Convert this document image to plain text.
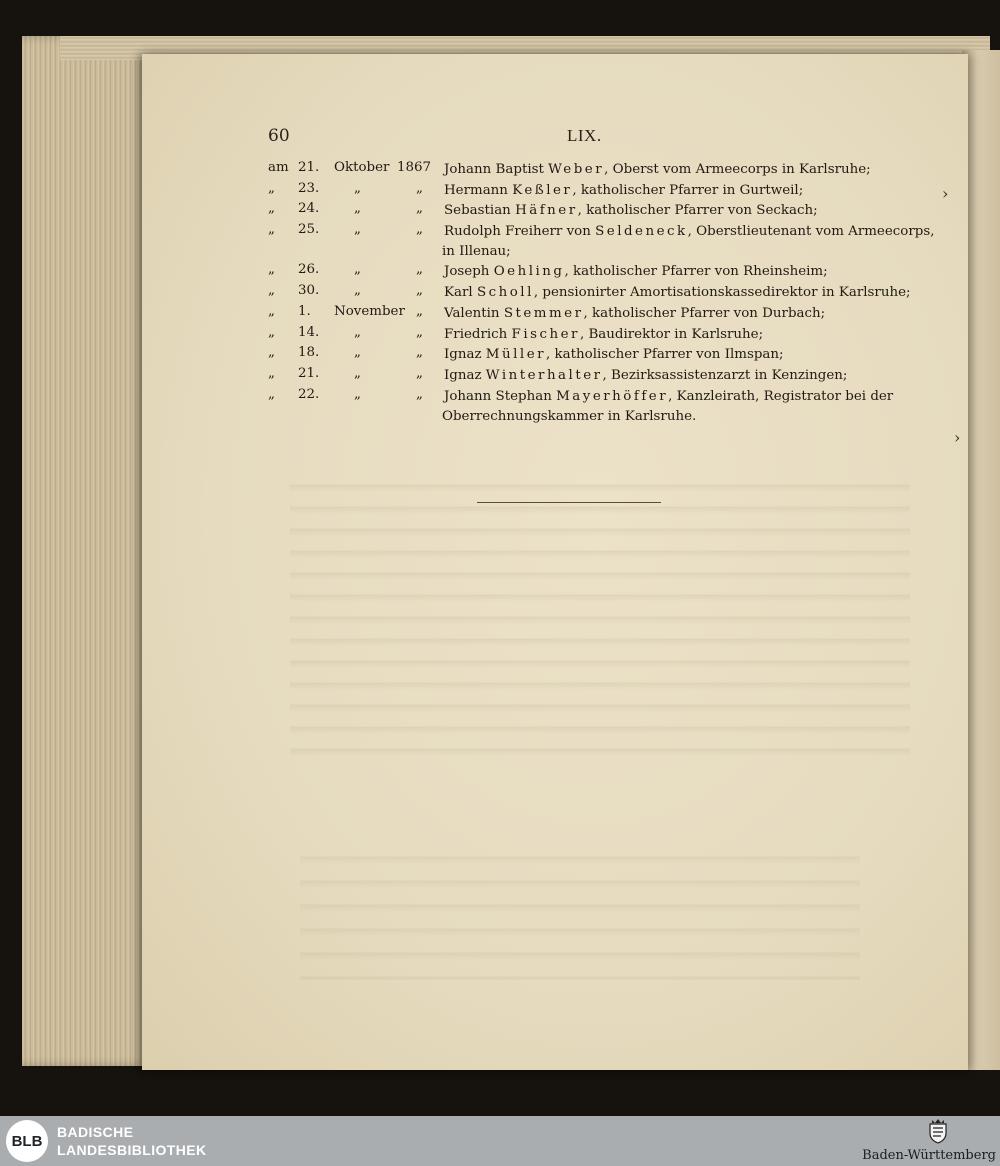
60	LIX.
am 21. Oktober 1867 Johann Baptist Weber, Oberst vom Armeecorps in Karlsruhe;
„ 23.	„	„ Hermann Keßler, katholischer Pfarrer in Gurtweil;
„ 24.	„	„ Sebastian Häfner, katholischer Pfarrer von Seckach;
„ 25.	„	„ Rudolph Freiherr von Seldeneck, Oberstlieutenant vom Armeecorps,
in Illenau;
„ 26.	„	„ Joseph Oehling, katholischer Pfarrer von Rheinsheim;
„ 30.	„	„ Karl Scholl, pensionirter Amortisationskassedirektor in Karlsruhe;
„ 1. November „ Valentin Stemmer, katholischer Pfarrer von Durbach;
„ 14.	„	„ Friedrich Fischer, Baudirektor in Karlsruhe;
„ 18.	„	„ Ignaz Müller, katholischer Pfarrer von Ilmspan;
„ 21.	„	„ Ignaz Winterhalter, Bezirksassistenzarzt in Kenzingen;
„ 22.	„	„ Johann Stephan Mayerhöffer, Kanzleirath, Registrator bei der
Oberrechnungskammer in Karlsruhe.
›
›
BLB
BADISCHE
LANDESBIBLIOTHEK	Baden-Württemberg
